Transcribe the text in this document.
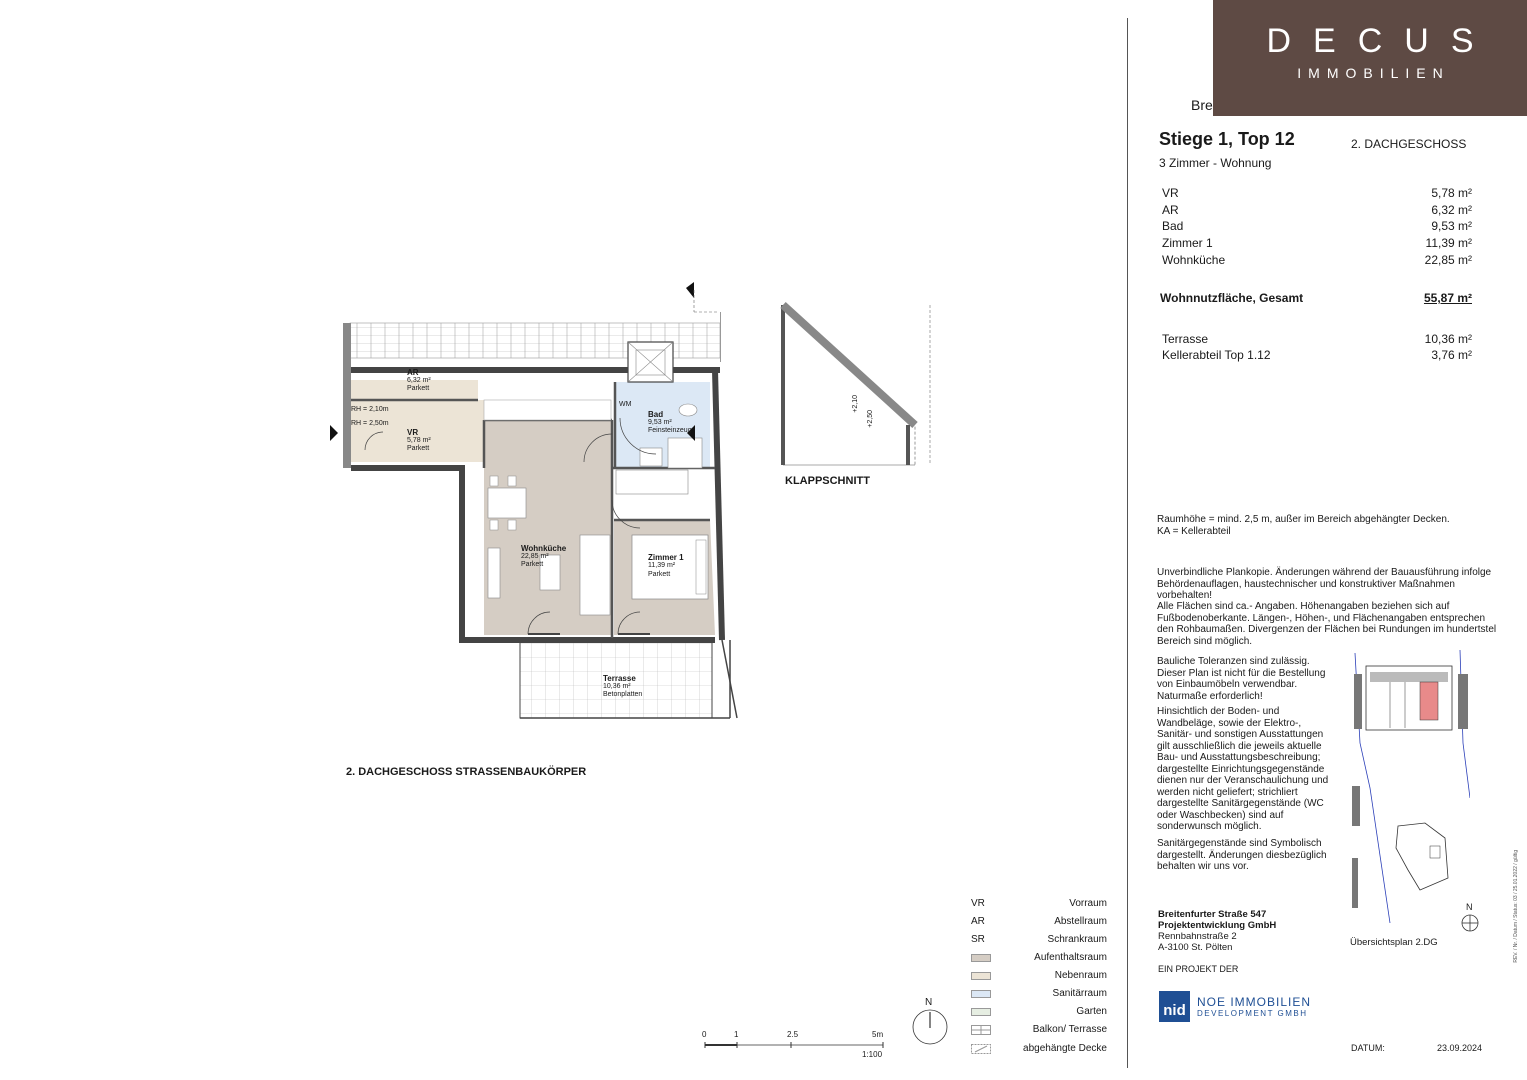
DECUS
IMMOBILIEN
Bre
Stiege 1, Top 12	2. DACHGESCHOSS
3 Zimmer - Wohnung
VR	5,78 m²
AR	6,32 m²
Bad	9,53 m²
Zimmer 1	11,39 m²
Wohnküche	22,85 m²
Wohnnutzfläche, Gesamt	55,87 m²
Terrasse	10,36 m²
Kellerabteil Top 1.12	3,76 m²
Raumhöhe = mind. 2,5 m, außer im Bereich abgehängter Decken.
KA = Kellerabteil
Unverbindliche Plankopie. Änderungen während der Bauausführung infolge Behördenauflagen, haustechnischer und konstruktiver Maßnahmen vorbehalten!
Alle Flächen sind ca.- Angaben. Höhenangaben beziehen sich auf Fußbodenoberkante. Längen-, Höhen-, und Flächenangaben entsprechen den Rohbaumaßen. Divergenzen der Flächen bei Rundungen im hundertstel Bereich sind möglich.
Bauliche Toleranzen sind zulässig. Dieser Plan ist nicht für die Bestellung von Einbaumöbeln verwendbar. Naturmaße erforderlich!
Hinsichtlich der Boden- und Wandbeläge, sowie der Elektro-, Sanitär- und sonstigen Ausstattungen gilt ausschließlich die jeweils aktuelle Bau- und Ausstattungsbeschreibung; dargestellte Einrichtungsgegenstände dienen nur der Veranschaulichung und werden nicht geliefert; strichliert dargestellte Sanitärgegenstände (WC oder Waschbecken) sind auf sonderwunsch möglich.
Sanitärgegenstände sind Symbolisch dargestellt. Änderungen diesbezüglich behalten wir uns vor.
Übersichtsplan 2.DG
N
Breitenfurter Straße 547
Projektentwicklung GmbH
Rennbahnstraße 2
A-3100 St. Pölten
EIN PROJEKT DER
nid NOE IMMOBILIEN
DEVELOPMENT GMBH
DATUM:	23.09.2024
REV. / Nr. / Datum / Status: 03 / 25.01.2022 / gültig
VR	Vorraum
AR	Abstellraum
SR	Schrankraum
Aufenthaltsraum
Nebenraum
Sanitärraum
Garten
Balkon/ Terrasse
abgehängte Decke
0	1	2.5	5m
1:100
N
AR
6,32 m²
Parkett
RH = 2,10m
RH = 2,50m
VR
5,78 m²
Parkett
WM
Bad
9,53 m²
Feinsteinzeug
Wohnküche
22,85 m²
Parkett
Zimmer 1
11,39 m²
Parkett
Terrasse
10,36 m²
Betonplatten
+2,10
+2,50
KLAPPSCHNITT
2. DACHGESCHOSS STRASSENBAUKÖRPER
